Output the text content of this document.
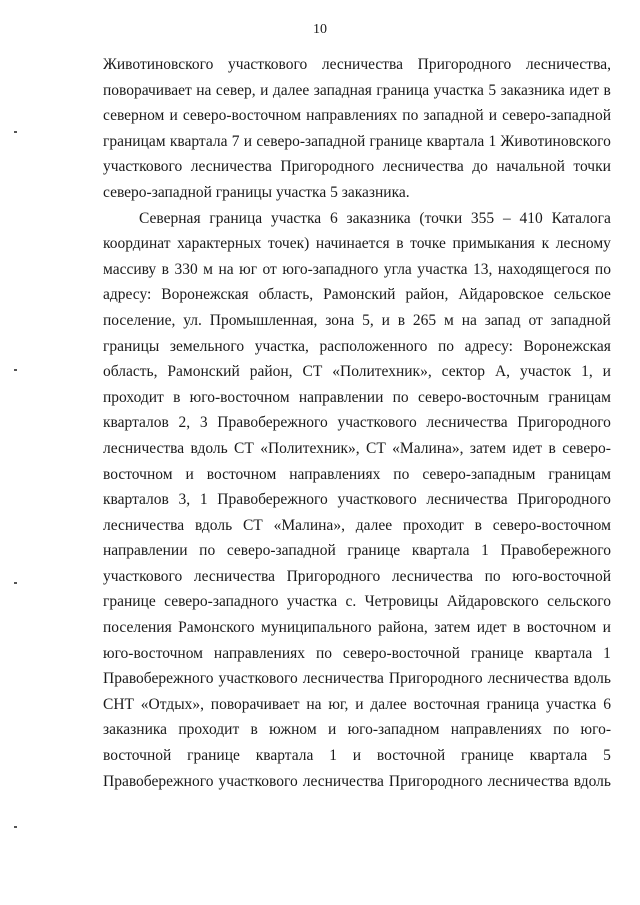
10
Животиновского участкового лесничества Пригородного лесничества,
поворачивает на север, и далее западная граница участка 5 заказника идет в
северном и северо-восточном направлениях по западной и северо-западной
границам квартала 7 и северо-западной границе квартала 1 Животиновского
участкового лесничества Пригородного лесничества до начальной точки
северо-западной границы участка 5 заказника.
Северная граница участка 6 заказника (точки 355 – 410 Каталога
координат характерных точек) начинается в точке примыкания к лесному
массиву в 330 м на юг от юго-западного угла участка 13, находящегося по
адресу: Воронежская область, Рамонский район, Айдаровское сельское
поселение, ул. Промышленная, зона 5, и в 265 м на запад от западной
границы земельного участка, расположенного по адресу: Воронежская
область, Рамонский район, СТ «Политехник», сектор А, участок 1, и
проходит в юго-восточном направлении по северо-восточным границам
кварталов 2, 3 Правобережного участкового лесничества Пригородного
лесничества вдоль СТ «Политехник», СТ «Малина», затем идет в северо-
восточном и восточном направлениях по северо-западным границам
кварталов 3, 1 Правобережного участкового лесничества Пригородного
лесничества вдоль СТ «Малина», далее проходит в северо-восточном
направлении по северо-западной границе квартала 1 Правобережного
участкового лесничества Пригородного лесничества по юго-восточной
границе северо-западного участка с. Четровицы Айдаровского сельского
поселения Рамонского муниципального района, затем идет в восточном и
юго-восточном направлениях по северо-восточной границе квартала 1
Правобережного участкового лесничества Пригородного лесничества вдоль
СНТ «Отдых», поворачивает на юг, и далее восточная граница участка 6
заказника проходит в южном и юго-западном направлениях по юго-
восточной границе квартала 1 и восточной границе квартала 5
Правобережного участкового лесничества Пригородного лесничества вдоль
